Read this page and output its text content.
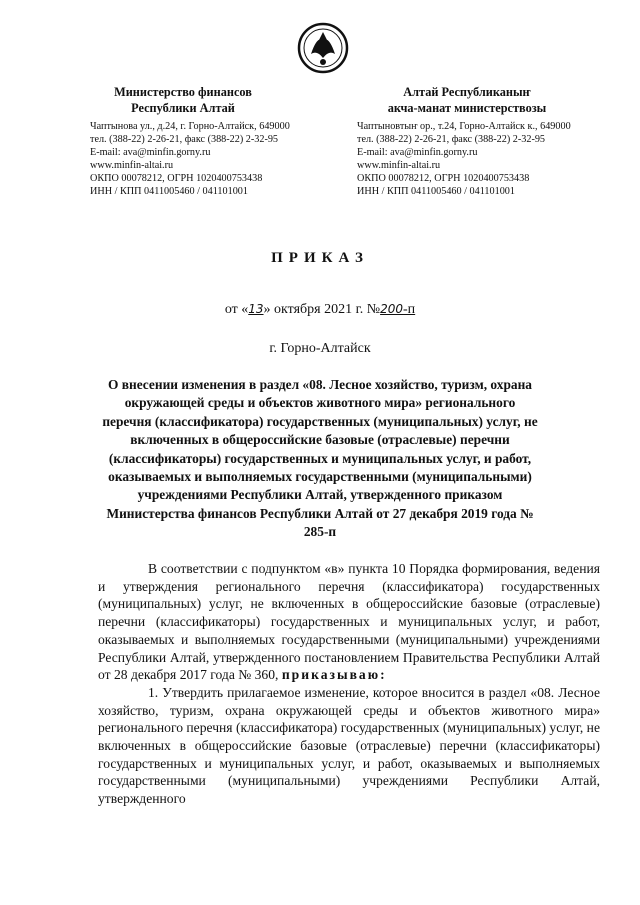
Министерство финансов
Республики Алтай
Чаптынова ул., д.24, г. Горно-Алтайск, 649000
тел. (388-22) 2-26-21, факс (388-22) 2-32-95
E-mail: ava@minfin.gorny.ru
www.minfin-altai.ru
ОКПО 00078212, ОГРН 1020400753438
ИНН / КПП 0411005460 / 041101001
Алтай Республиканыҥ
акча-манат министерствозы
Чаптыновтыҥ ор., т.24, Горно-Алтайск к., 649000
тел. (388-22) 2-26-21, факс (388-22) 2-32-95
E-mail: ava@minfin.gorny.ru
www.minfin-altai.ru
ОКПО 00078212, ОГРН 1020400753438
ИНН / КПП 0411005460 / 041101001
ПРИКАЗ
от «13» октября 2021 г. №200-п
г. Горно-Алтайск
О внесении изменения в раздел «08. Лесное хозяйство, туризм, охрана окружающей среды и объектов животного мира» регионального перечня (классификатора) государственных (муниципальных) услуг, не включенных в общероссийские базовые (отраслевые) перечни (классификаторы) государственных и муниципальных услуг, и работ, оказываемых и выполняемых государственными (муниципальными) учреждениями Республики Алтай, утвержденного приказом Министерства финансов Республики Алтай от 27 декабря 2019 года № 285-п

В соответствии с подпунктом «в» пункта 10 Порядка формирования, ведения и утверждения регионального перечня (классификатора) государственных (муниципальных) услуг, не включенных в общероссийские базовые (отраслевые) перечни (классификаторы) государственных и муниципальных услуг, и работ, оказываемых и выполняемых государственными (муниципальными) учреждениями Республики Алтай, утвержденного постановлением Правительства Республики Алтай от 28 декабря 2017 года № 360, приказываю:

1. Утвердить прилагаемое изменение, которое вносится в раздел «08. Лесное хозяйство, туризм, охрана окружающей среды и объектов животного мира» регионального перечня (классификатора) государственных (муниципальных) услуг, не включенных в общероссийские базовые (отраслевые) перечни (классификаторы) государственных и муниципальных услуг, и работ, оказываемых и выполняемых государственными (муниципальными) учреждениями Республики Алтай, утвержденного
